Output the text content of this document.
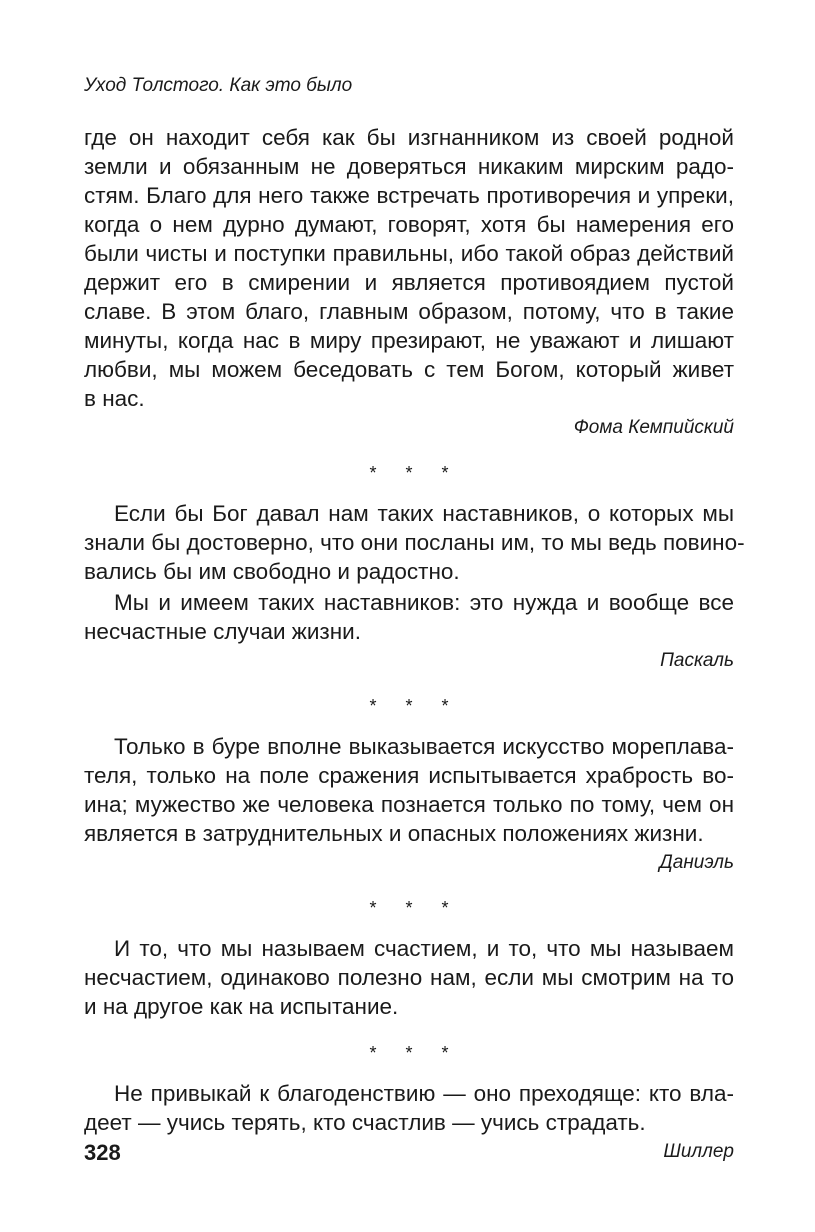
Уход Толстого. Как это было
где он находит себя как бы изгнанником из своей родной
земли и обязанным не доверяться никаким мирским радо-
стям. Благо для него также встречать противоречия и упреки,
когда о нем дурно думают, говорят, хотя бы намерения его
были чисты и поступки правильны, ибо такой образ действий
держит его в смирении и является противоядием пустой
славе. В этом благо, главным образом, потому, что в такие
минуты, когда нас в миру презирают, не уважают и лишают
любви, мы можем беседовать с тем Богом, который живет
в нас.
Фома Кемпийский
* * *
Если бы Бог давал нам таких наставников, о которых мы
знали бы достоверно, что они посланы им, то мы ведь повино-
вались бы им свободно и радостно.
Мы и имеем таких наставников: это нужда и вообще все
несчастные случаи жизни.
Паскаль
* * *
Только в буре вполне выказывается искусство мореплава-
теля, только на поле сражения испытывается храбрость во-
ина; мужество же человека познается только по тому, чем он
является в затруднительных и опасных положениях жизни.
Даниэль
* * *
И то, что мы называем счастием, и то, что мы называем
несчастием, одинаково полезно нам, если мы смотрим на то
и на другое как на испытание.
* * *
Не привыкай к благоденствию — оно преходяще: кто вла-
деет — учись терять, кто счастлив — учись страдать.
Шиллер
328
